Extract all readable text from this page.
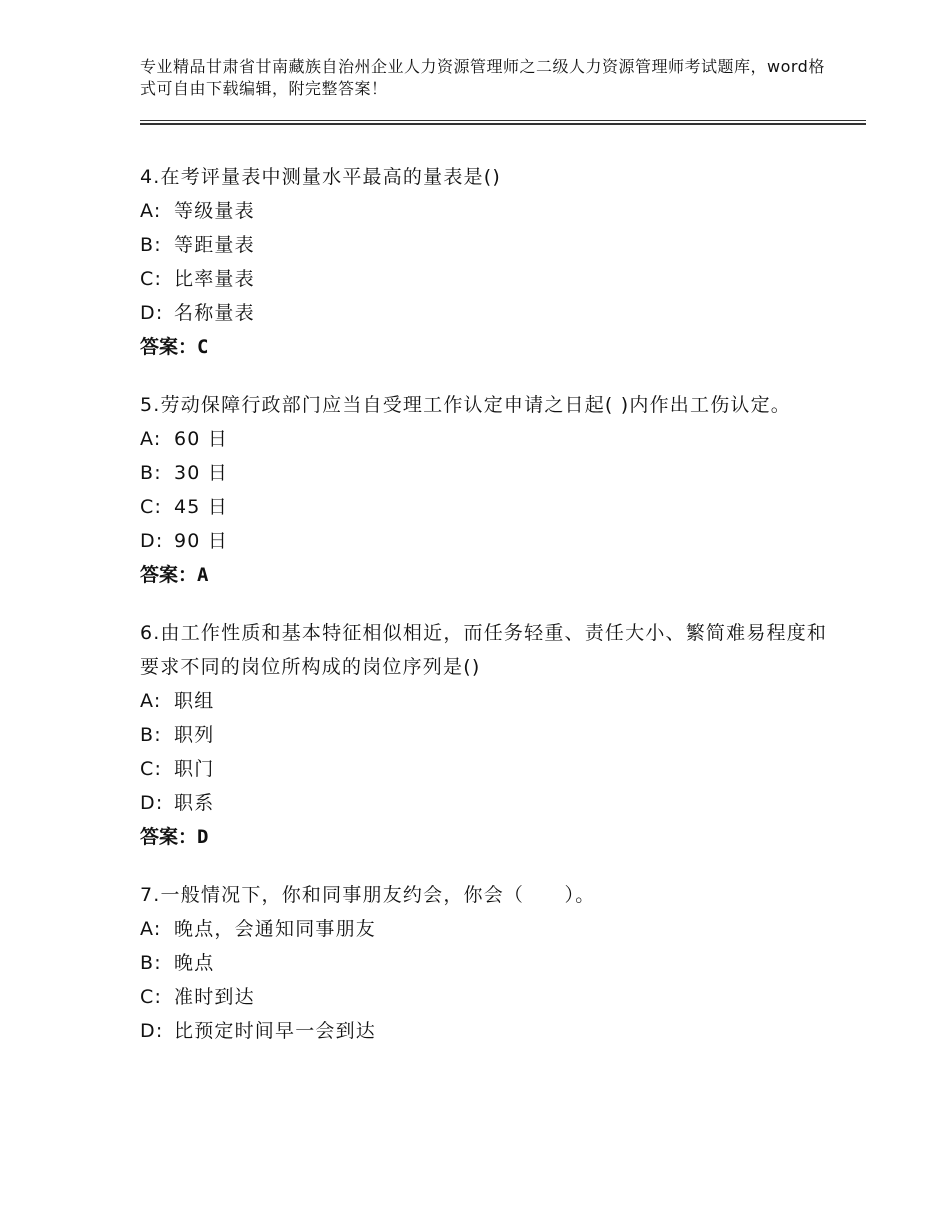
专业精品甘肃省甘南藏族自治州企业人力资源管理师之二级人力资源管理师考试题库，word格式可自由下载编辑，附完整答案！

4.在考评量表中测量水平最高的量表是()

A: 等级量表

B: 等距量表

C: 比率量表

D: 名称量表

答案：C

5.劳动保障行政部门应当自受理工作认定申请之日起( )内作出工伤认定。

A: 60 日

B: 30 日

C: 45 日

D: 90 日

答案：A

6.由工作性质和基本特征相似相近，而任务轻重、责任大小、繁简难易程度和要求不同的岗位所构成的岗位序列是()

A: 职组

B: 职列

C: 职门

D: 职系

答案：D

7.一般情况下，你和同事朋友约会，你会（　　）。

A: 晚点，会通知同事朋友

B: 晚点

C: 准时到达

D: 比预定时间早一会到达
